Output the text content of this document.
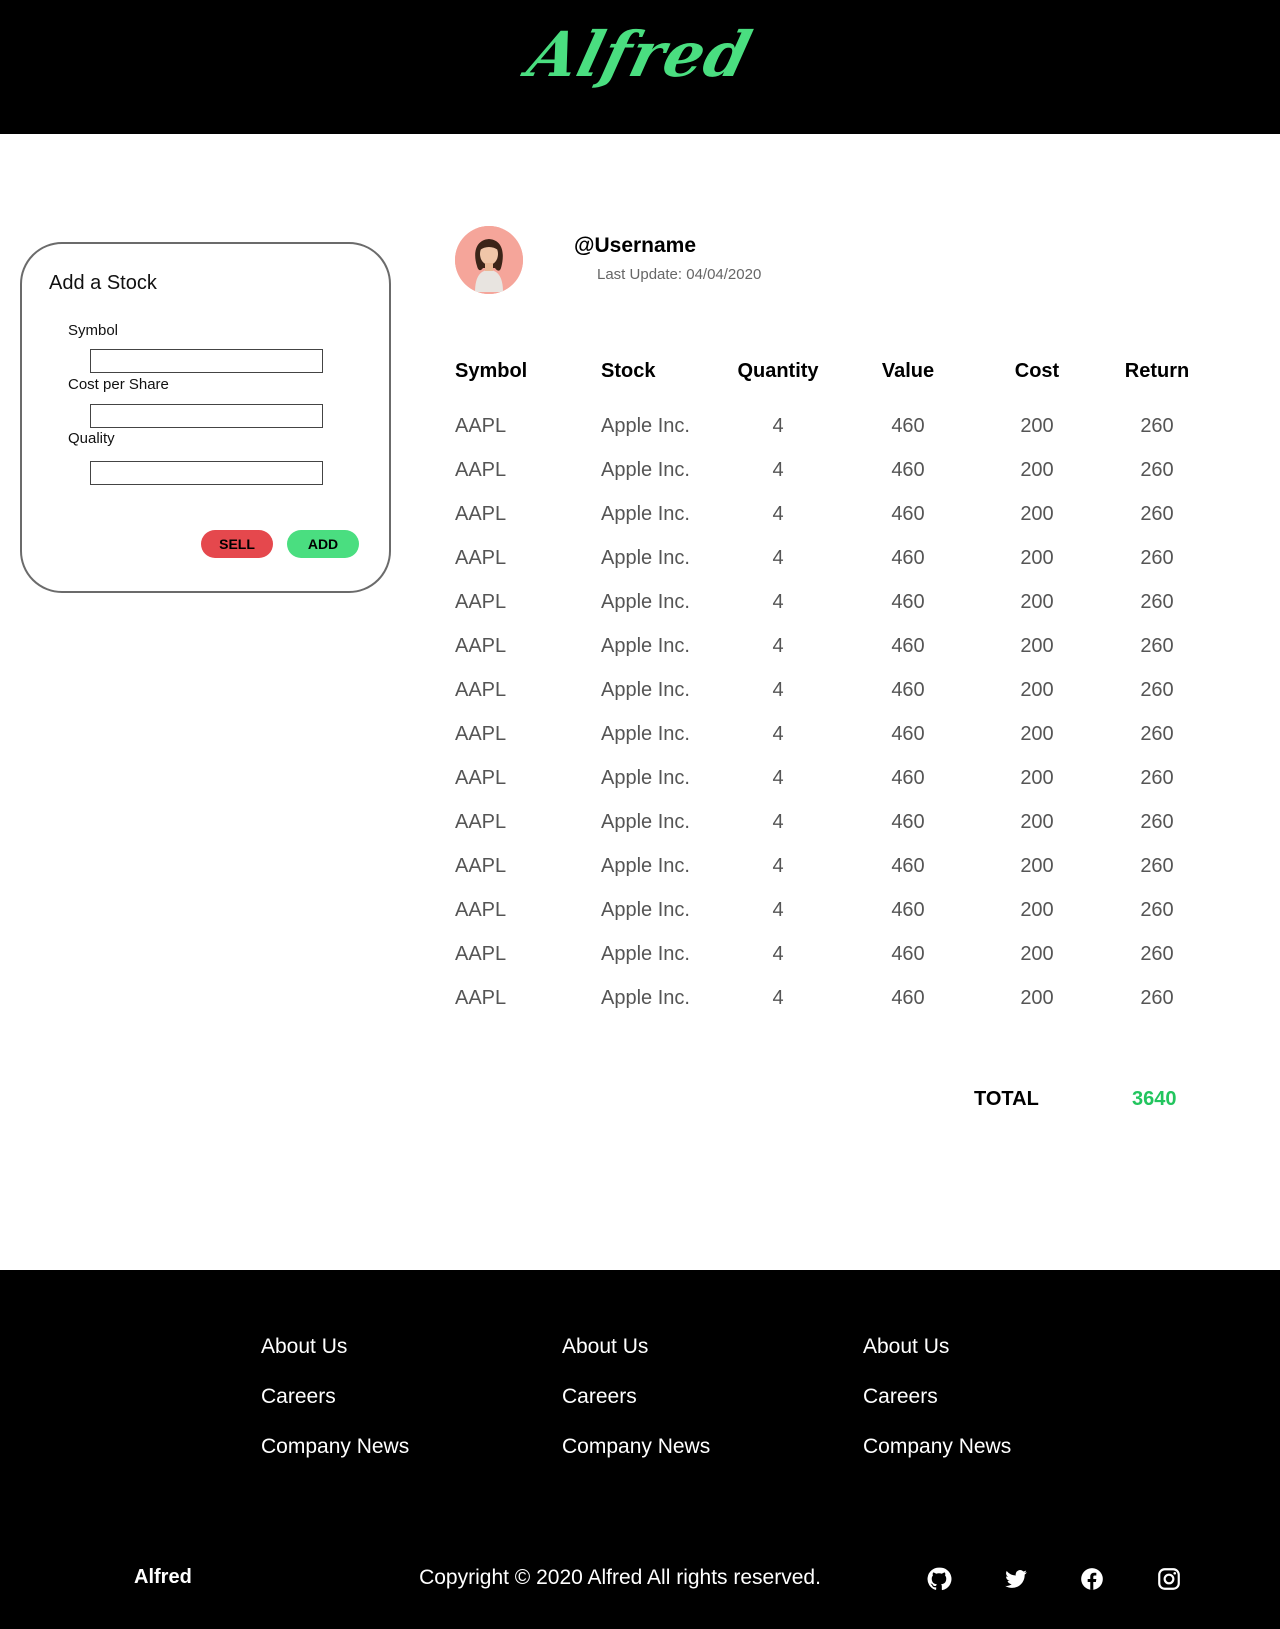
Alfred
Add a Stock
Symbol
Cost per Share
Quality
SELL	ADD
@Username
Last Update: 04/04/2020
Symbol	Stock	Quantity	Value	Cost	Return
AAPL	Apple Inc.	4	460	200	260
AAPL	Apple Inc.	4	460	200	260
AAPL	Apple Inc.	4	460	200	260
AAPL	Apple Inc.	4	460	200	260
AAPL	Apple Inc.	4	460	200	260
AAPL	Apple Inc.	4	460	200	260
AAPL	Apple Inc.	4	460	200	260
AAPL	Apple Inc.	4	460	200	260
AAPL	Apple Inc.	4	460	200	260
AAPL	Apple Inc.	4	460	200	260
AAPL	Apple Inc.	4	460	200	260
AAPL	Apple Inc.	4	460	200	260
AAPL	Apple Inc.	4	460	200	260
AAPL	Apple Inc.	4	460	200	260
TOTAL	3640
About Us
Careers
Company News
About Us
Careers
Company News
About Us
Careers
Company News
Alfred	Copyright © 2020 Alfred All rights reserved.
